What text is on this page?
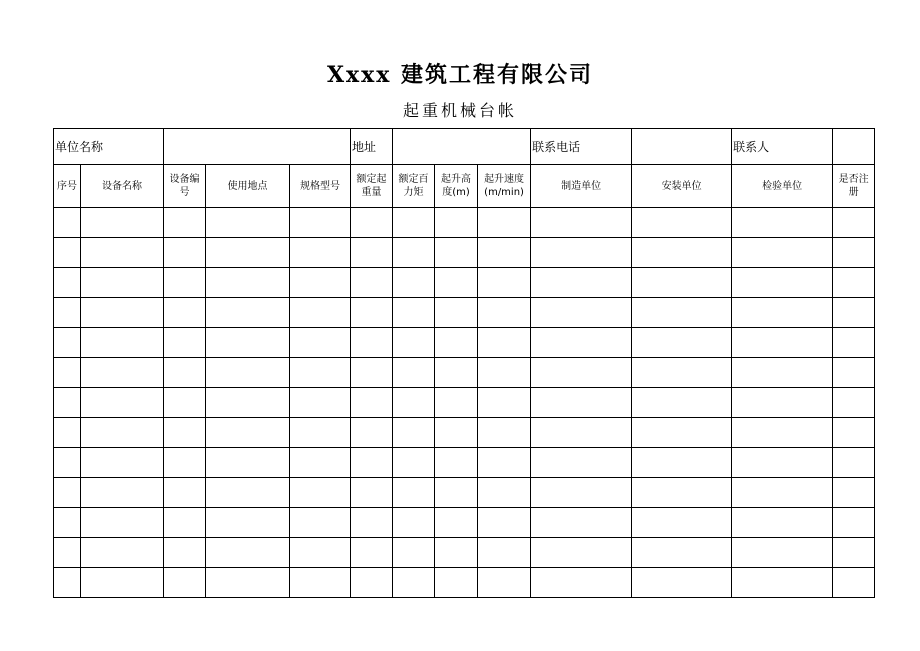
Xxxx 建筑工程有限公司
起重机械台帐
单位名称					地址				联系电话		联系人	
序号	设备名称	设备编号	使用地点	规格型号	额定起重量	额定百力矩	起升高度(m)	起升速度(m/min)	制造单位	安装单位	检验单位	是否注册
